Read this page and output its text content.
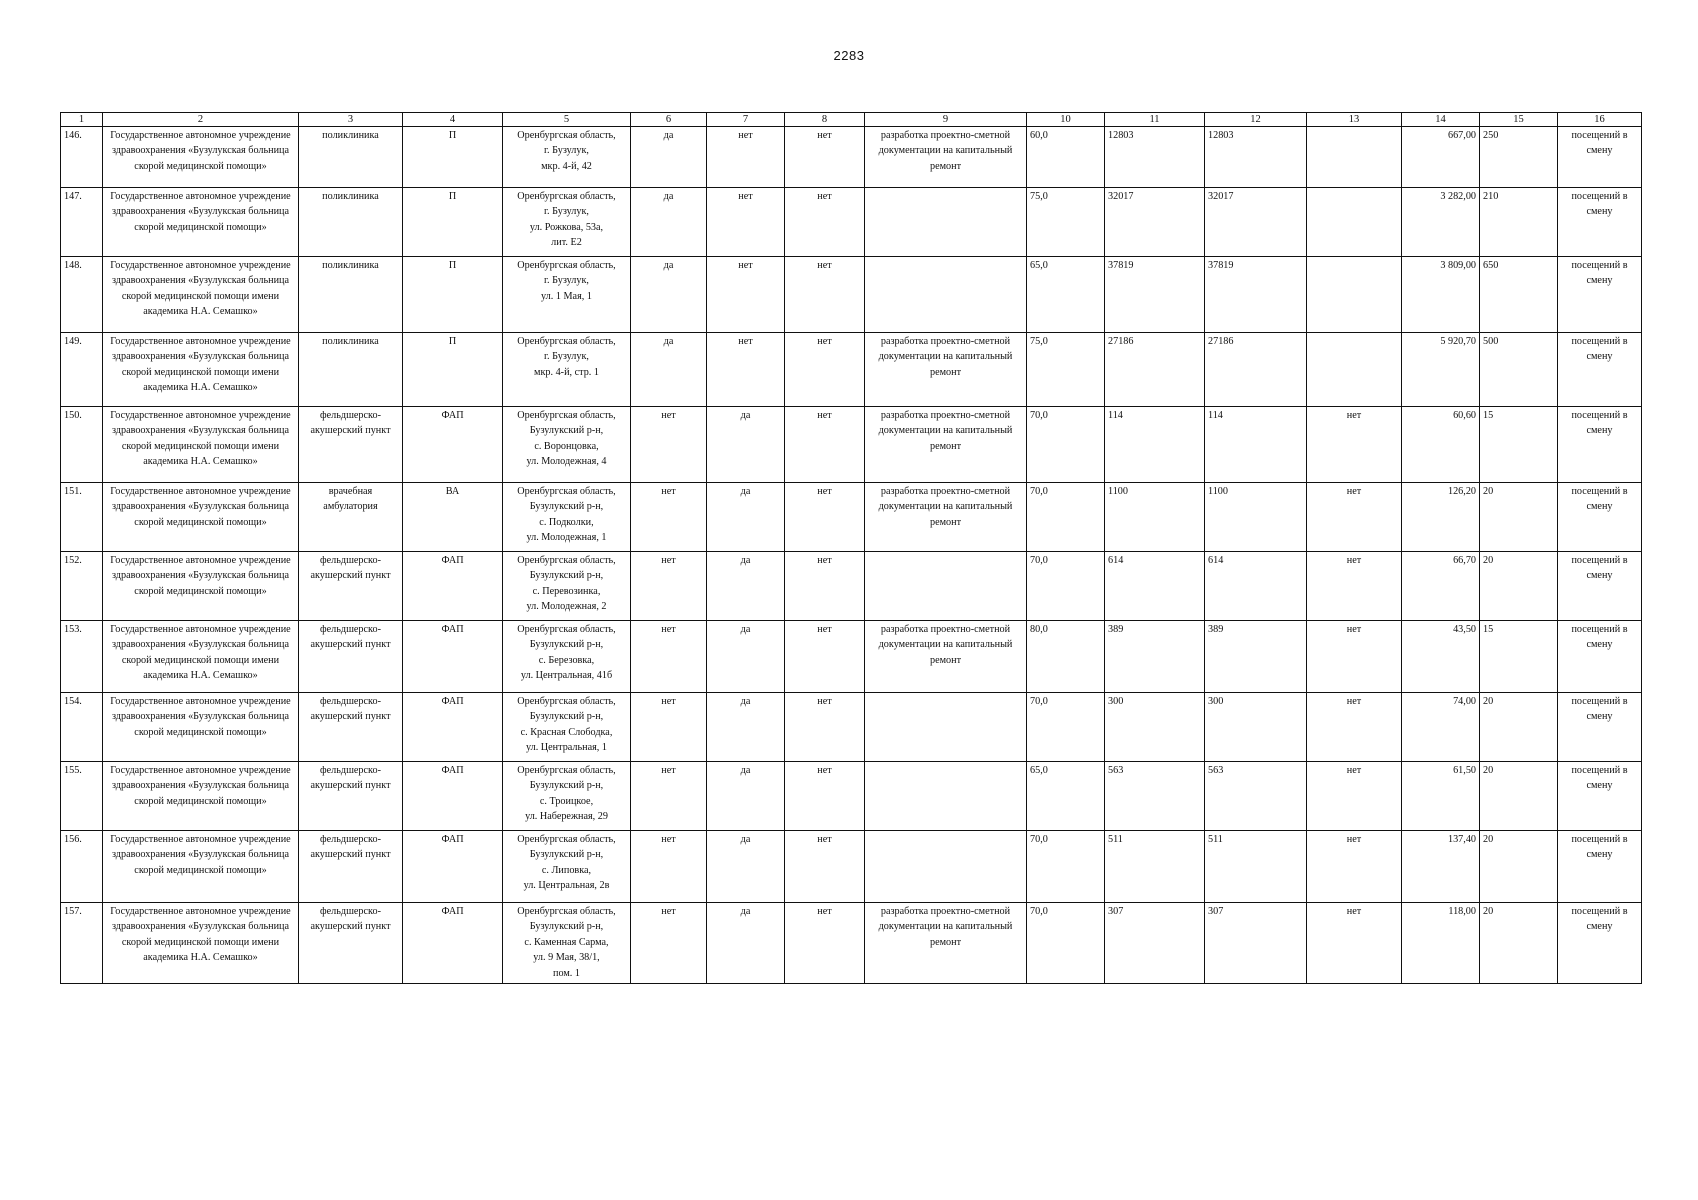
2283
1	2	3	4	5	6	7	8	9	10	11	12	13	14	15	16
146.	Государственное автономное учреждение здравоохранения «Бузулукская больница скорой медицинской помощи»	поликлиника	П	Оренбургская область,
г. Бузулук,
мкр. 4-й, 42	да	нет	нет	разработка проектно-сметной документации на капитальный ремонт	60,0	12803	12803		667,00	250	посещений в смену
147.	Государственное автономное учреждение здравоохранения «Бузулукская больница скорой медицинской помощи»	поликлиника	П	Оренбургская область,
г. Бузулук,
ул. Рожкова, 53а,
лит. Е2	да	нет	нет		75,0	32017	32017		3 282,00	210	посещений в смену
148.	Государственное автономное учреждение здравоохранения «Бузулукская больница скорой медицинской помощи имени академика Н.А. Семашко»	поликлиника	П	Оренбургская область,
г. Бузулук,
ул. 1 Мая, 1	да	нет	нет		65,0	37819	37819		3 809,00	650	посещений в смену
149.	Государственное автономное учреждение здравоохранения «Бузулукская больница скорой медицинской помощи имени академика Н.А. Семашко»	поликлиника	П	Оренбургская область,
г. Бузулук,
мкр. 4-й, стр. 1	да	нет	нет	разработка проектно-сметной документации на капитальный ремонт	75,0	27186	27186		5 920,70	500	посещений в смену
150.	Государственное автономное учреждение здравоохранения «Бузулукская больница скорой медицинской помощи имени академика Н.А. Семашко»	фельдшерско-акушерский пункт	ФАП	Оренбургская область,
Бузулукский р-н,
с. Воронцовка,
ул. Молодежная, 4	нет	да	нет	разработка проектно-сметной документации на капитальный ремонт	70,0	114	114	нет	60,60	15	посещений в смену
151.	Государственное автономное учреждение здравоохранения «Бузулукская больница скорой медицинской помощи»	врачебная амбулатория	ВА	Оренбургская область,
Бузулукский р-н,
с. Подколки,
ул. Молодежная, 1	нет	да	нет	разработка проектно-сметной документации на капитальный ремонт	70,0	1100	1100	нет	126,20	20	посещений в смену
152.	Государственное автономное учреждение здравоохранения «Бузулукская больница скорой медицинской помощи»	фельдшерско-акушерский пункт	ФАП	Оренбургская область,
Бузулукский р-н,
с. Перевозинка,
ул. Молодежная, 2	нет	да	нет		70,0	614	614	нет	66,70	20	посещений в смену
153.	Государственное автономное учреждение здравоохранения «Бузулукская больница скорой медицинской помощи имени академика Н.А. Семашко»	фельдшерско-акушерский пункт	ФАП	Оренбургская область,
Бузулукский р-н,
с. Березовка,
ул. Центральная, 41б	нет	да	нет	разработка проектно-сметной документации на капитальный ремонт	80,0	389	389	нет	43,50	15	посещений в смену
154.	Государственное автономное учреждение здравоохранения «Бузулукская больница скорой медицинской помощи»	фельдшерско-акушерский пункт	ФАП	Оренбургская область,
Бузулукский р-н,
с. Красная Слободка,
ул. Центральная, 1	нет	да	нет		70,0	300	300	нет	74,00	20	посещений в смену
155.	Государственное автономное учреждение здравоохранения «Бузулукская больница скорой медицинской помощи»	фельдшерско-акушерский пункт	ФАП	Оренбургская область,
Бузулукский р-н,
с. Троицкое,
ул. Набережная, 29	нет	да	нет		65,0	563	563	нет	61,50	20	посещений в смену
156.	Государственное автономное учреждение здравоохранения «Бузулукская больница скорой медицинской помощи»	фельдшерско-акушерский пункт	ФАП	Оренбургская область,
Бузулукский р-н,
с. Липовка,
ул. Центральная, 2в	нет	да	нет		70,0	511	511	нет	137,40	20	посещений в смену
157.	Государственное автономное учреждение здравоохранения «Бузулукская больница скорой медицинской помощи имени академика Н.А. Семашко»	фельдшерско-акушерский пункт	ФАП	Оренбургская область,
Бузулукский р-н,
с. Каменная Сарма,
ул. 9 Мая, 38/1,
пом. 1	нет	да	нет	разработка проектно-сметной документации на капитальный ремонт	70,0	307	307	нет	118,00	20	посещений в смену
